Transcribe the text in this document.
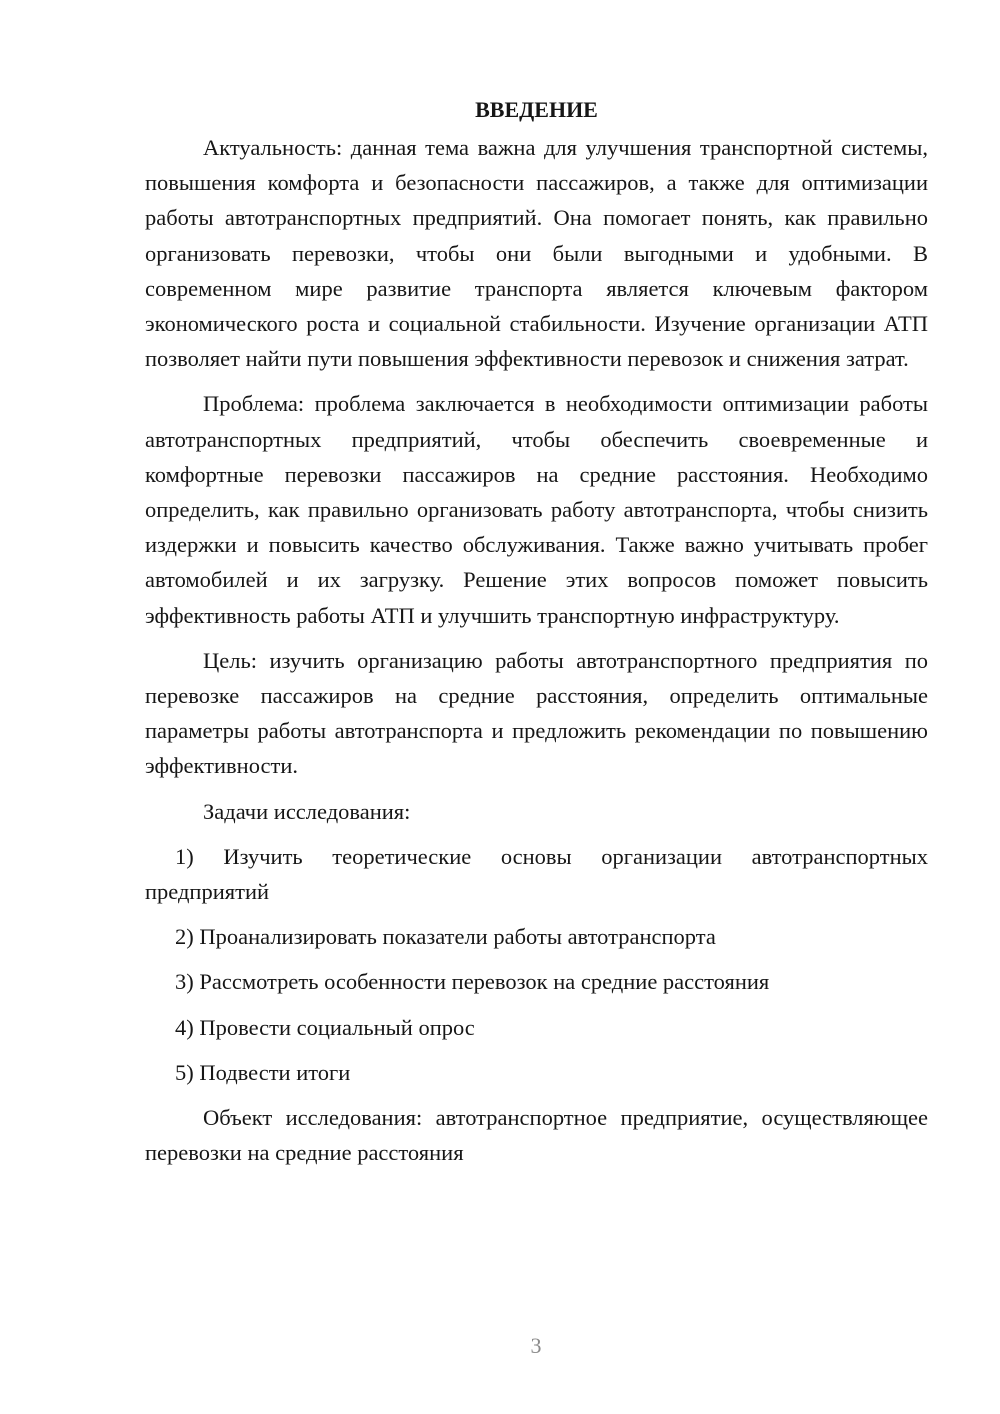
ВВЕДЕНИЕ

Актуальность: данная тема важна для улучшения транспортной системы, повышения комфорта и безопасности пассажиров, а также для оптимизации работы автотранспортных предприятий. Она помогает понять, как правильно организовать перевозки, чтобы они были выгодными и удобными. В современном мире развитие транспорта является ключевым фактором экономического роста и социальной стабильности. Изучение организации АТП позволяет найти пути повышения эффективности перевозок и снижения затрат.

Проблема: проблема заключается в необходимости оптимизации работы автотранспортных предприятий, чтобы обеспечить своевременные и комфортные перевозки пассажиров на средние расстояния. Необходимо определить, как правильно организовать работу автотранспорта, чтобы снизить издержки и повысить качество обслуживания. Также важно учитывать пробег автомобилей и их загрузку. Решение этих вопросов поможет повысить эффективность работы АТП и улучшить транспортную инфраструктуру.

Цель: изучить организацию работы автотранспортного предприятия по перевозке пассажиров на средние расстояния, определить оптимальные параметры работы автотранспорта и предложить рекомендации по повышению эффективности.

Задачи исследования:

1) Изучить теоретические основы организации автотранспортных предприятий

2) Проанализировать показатели работы автотранспорта

3) Рассмотреть особенности перевозок на средние расстояния

4) Провести социальный опрос

5) Подвести итоги

Объект исследования: автотранспортное предприятие, осуществляющее перевозки на средние расстояния

3
